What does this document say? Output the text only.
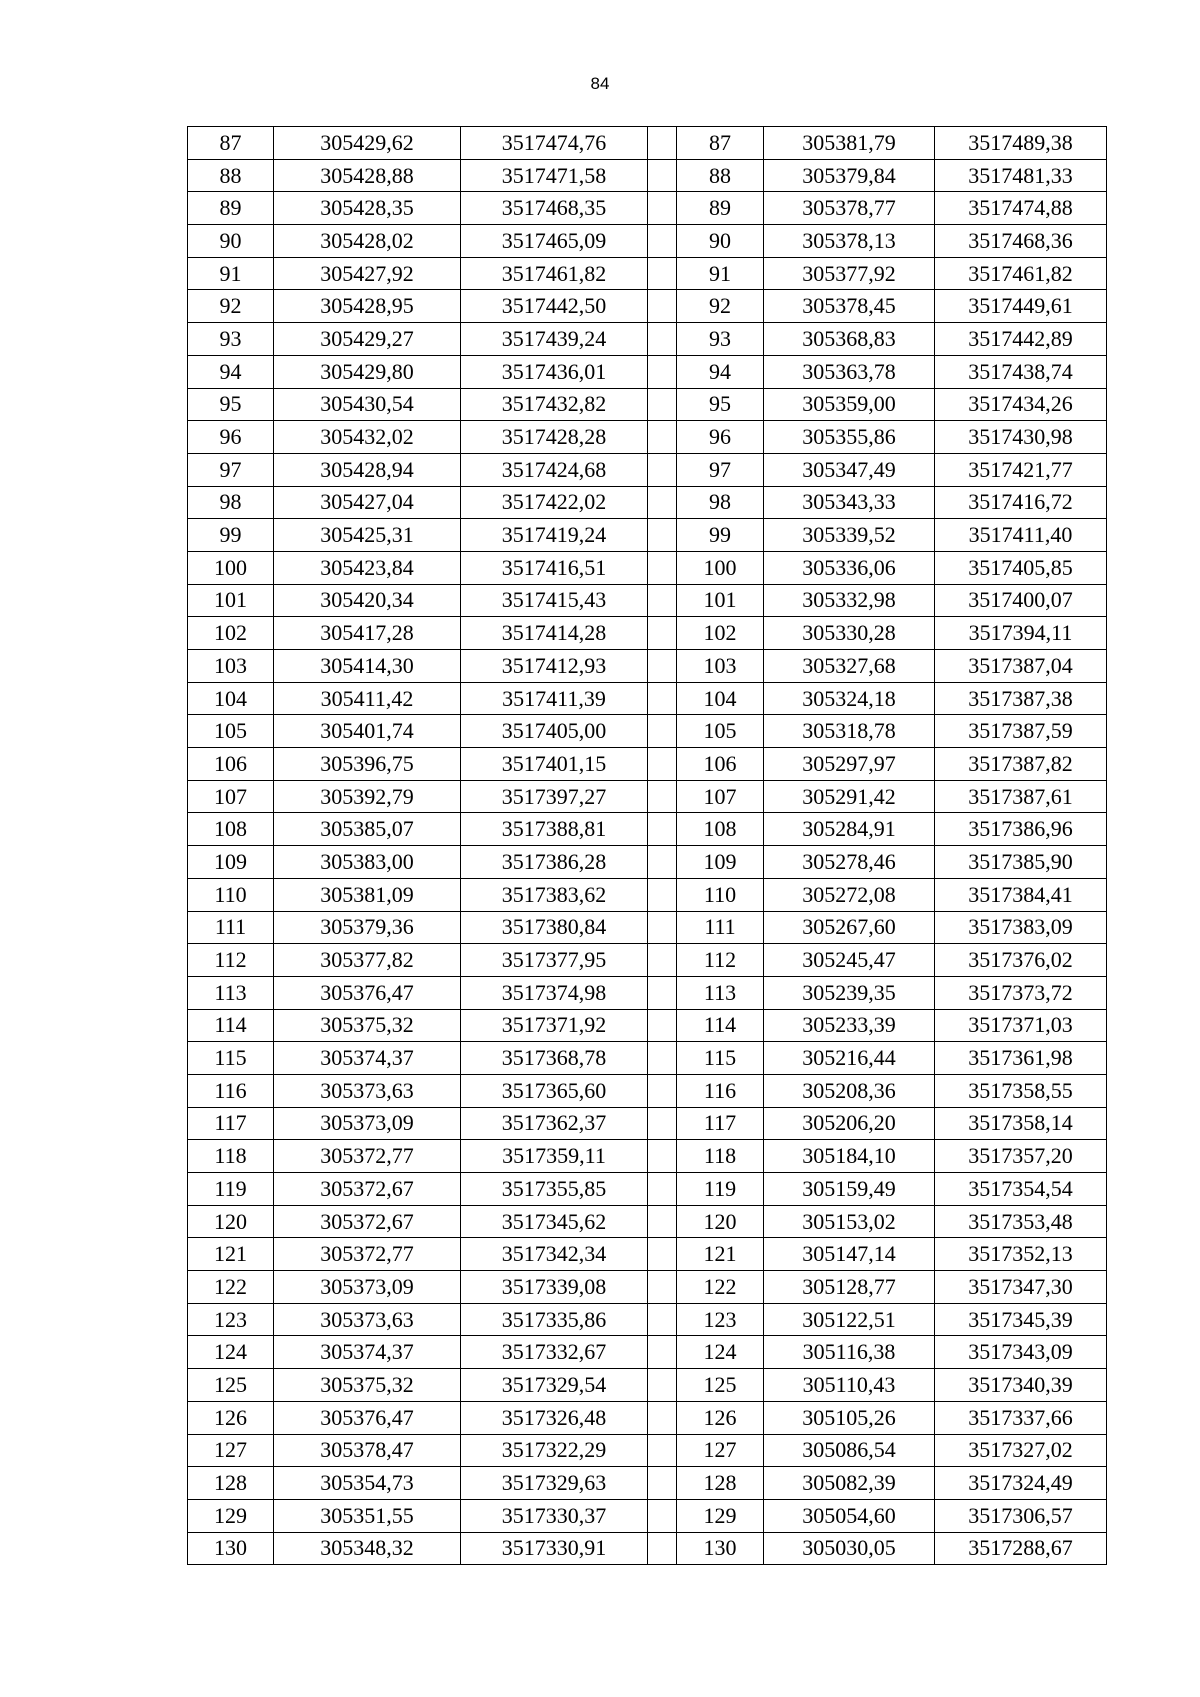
84
87	305429,62	3517474,76		87	305381,79	3517489,38
88	305428,88	3517471,58		88	305379,84	3517481,33
89	305428,35	3517468,35		89	305378,77	3517474,88
90	305428,02	3517465,09		90	305378,13	3517468,36
91	305427,92	3517461,82		91	305377,92	3517461,82
92	305428,95	3517442,50		92	305378,45	3517449,61
93	305429,27	3517439,24		93	305368,83	3517442,89
94	305429,80	3517436,01		94	305363,78	3517438,74
95	305430,54	3517432,82		95	305359,00	3517434,26
96	305432,02	3517428,28		96	305355,86	3517430,98
97	305428,94	3517424,68		97	305347,49	3517421,77
98	305427,04	3517422,02		98	305343,33	3517416,72
99	305425,31	3517419,24		99	305339,52	3517411,40
100	305423,84	3517416,51		100	305336,06	3517405,85
101	305420,34	3517415,43		101	305332,98	3517400,07
102	305417,28	3517414,28		102	305330,28	3517394,11
103	305414,30	3517412,93		103	305327,68	3517387,04
104	305411,42	3517411,39		104	305324,18	3517387,38
105	305401,74	3517405,00		105	305318,78	3517387,59
106	305396,75	3517401,15		106	305297,97	3517387,82
107	305392,79	3517397,27		107	305291,42	3517387,61
108	305385,07	3517388,81		108	305284,91	3517386,96
109	305383,00	3517386,28		109	305278,46	3517385,90
110	305381,09	3517383,62		110	305272,08	3517384,41
111	305379,36	3517380,84		111	305267,60	3517383,09
112	305377,82	3517377,95		112	305245,47	3517376,02
113	305376,47	3517374,98		113	305239,35	3517373,72
114	305375,32	3517371,92		114	305233,39	3517371,03
115	305374,37	3517368,78		115	305216,44	3517361,98
116	305373,63	3517365,60		116	305208,36	3517358,55
117	305373,09	3517362,37		117	305206,20	3517358,14
118	305372,77	3517359,11		118	305184,10	3517357,20
119	305372,67	3517355,85		119	305159,49	3517354,54
120	305372,67	3517345,62		120	305153,02	3517353,48
121	305372,77	3517342,34		121	305147,14	3517352,13
122	305373,09	3517339,08		122	305128,77	3517347,30
123	305373,63	3517335,86		123	305122,51	3517345,39
124	305374,37	3517332,67		124	305116,38	3517343,09
125	305375,32	3517329,54		125	305110,43	3517340,39
126	305376,47	3517326,48		126	305105,26	3517337,66
127	305378,47	3517322,29		127	305086,54	3517327,02
128	305354,73	3517329,63		128	305082,39	3517324,49
129	305351,55	3517330,37		129	305054,60	3517306,57
130	305348,32	3517330,91		130	305030,05	3517288,67
